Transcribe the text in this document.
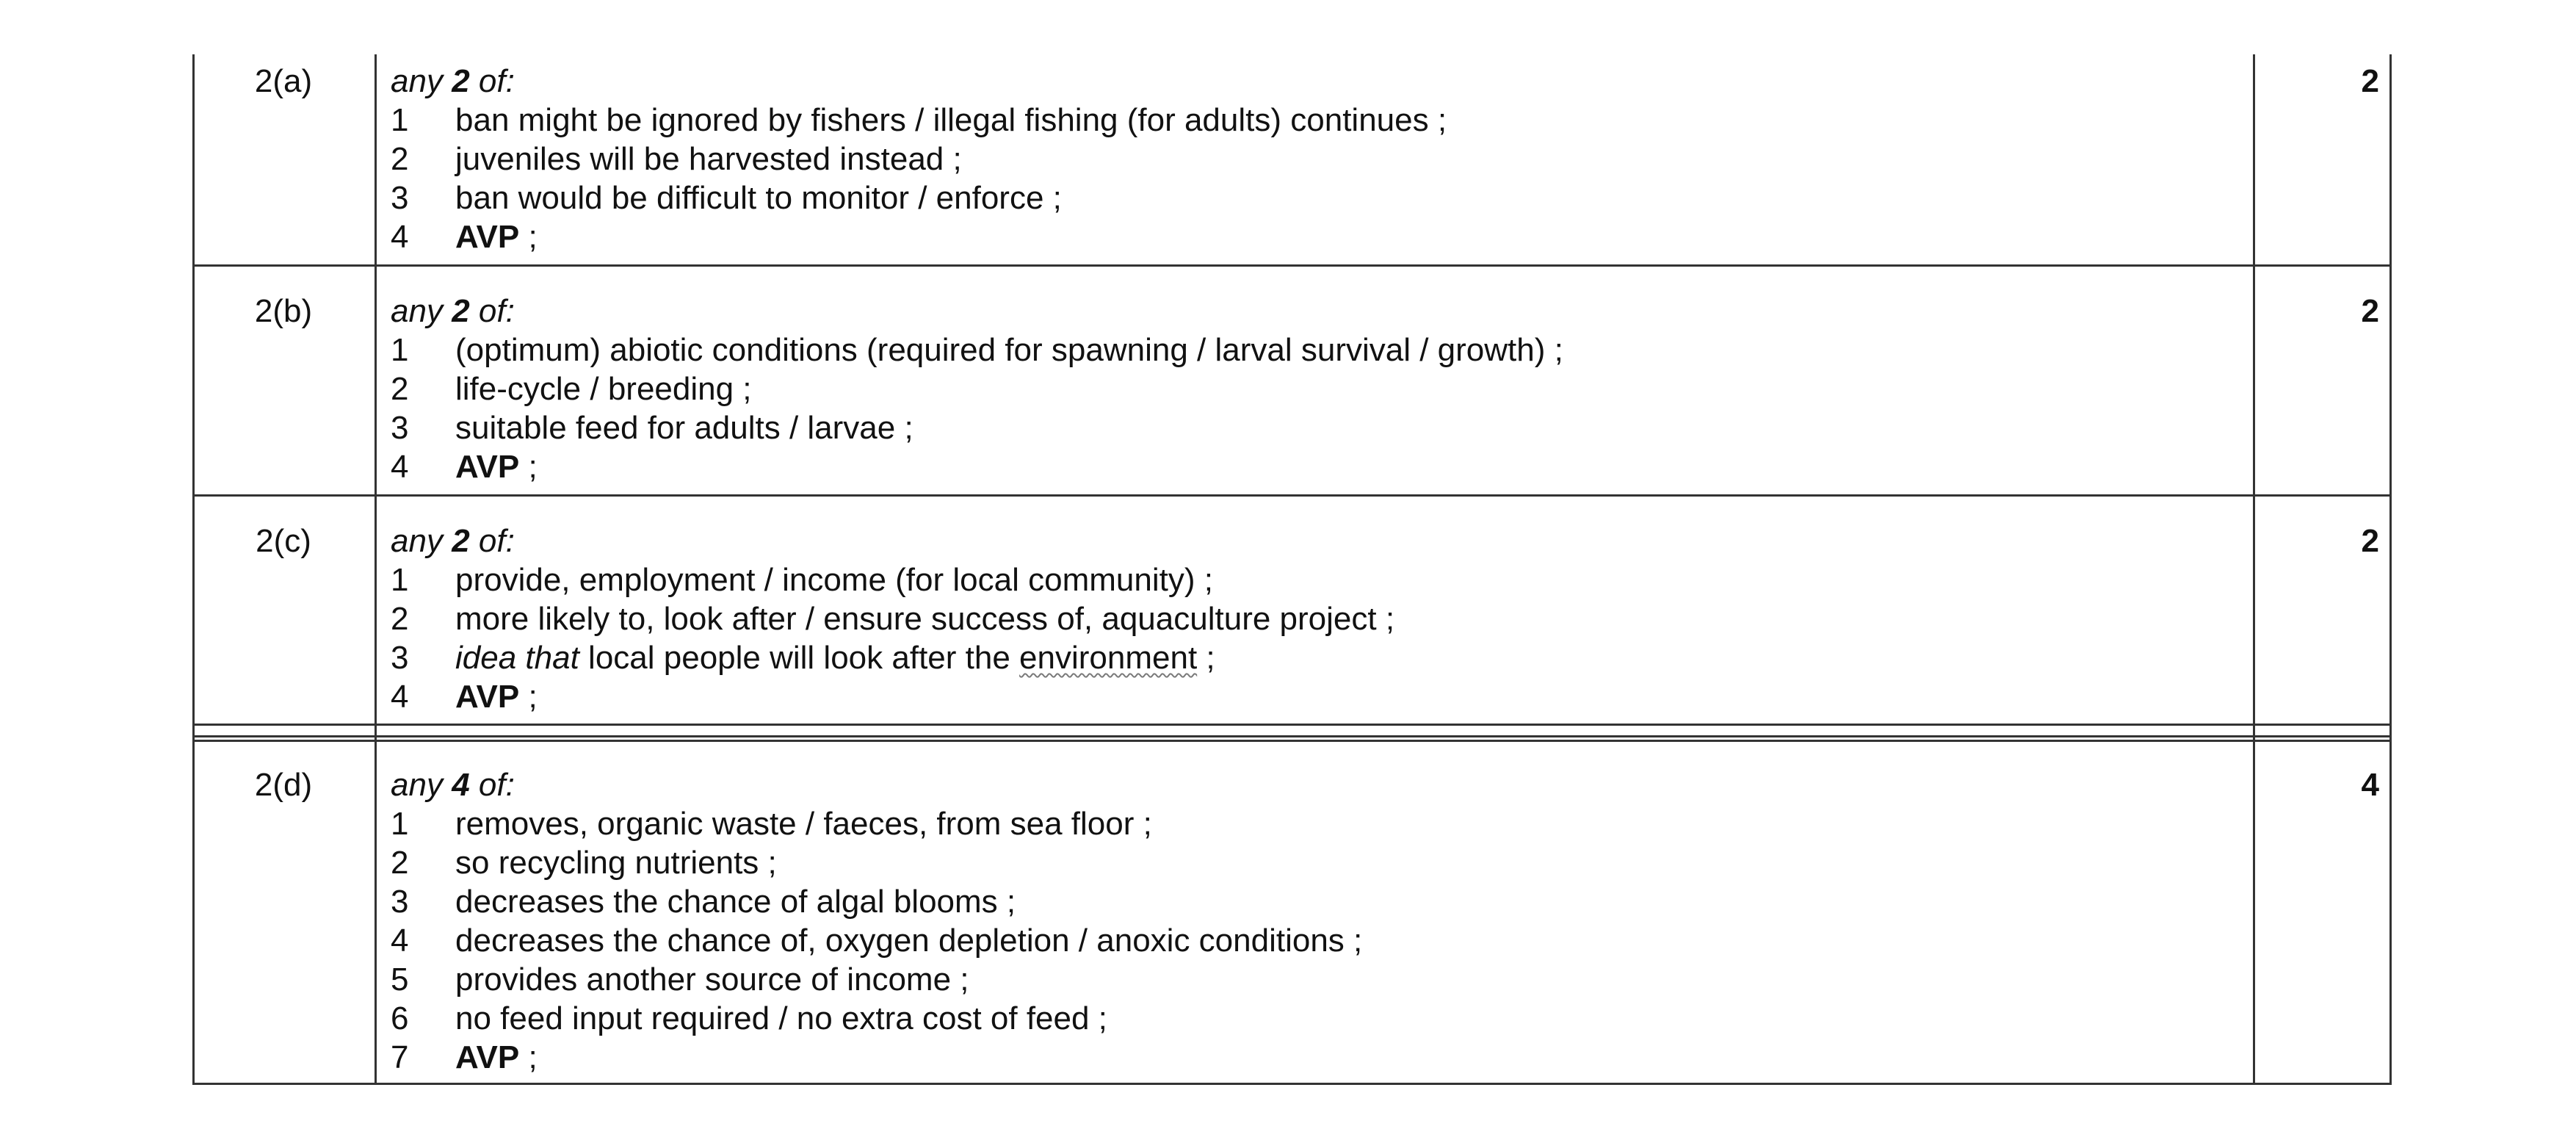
2(a)	any 2 of:
1 ban might be ignored by fishers / illegal fishing (for adults) continues ;
2 juveniles will be harvested instead ;
3 ban would be difficult to monitor / enforce ;
4 AVP ;
2
2(b)	any 2 of:
1 (optimum) abiotic conditions (required for spawning / larval survival / growth) ;
2 life-cycle / breeding ;
3 suitable feed for adults / larvae ;
4 AVP ;
2
2(c)	any 2 of:
1 provide, employment / income (for local community) ;
2 more likely to, look after / ensure success of, aquaculture project ;
3 idea that local people will look after the environment ;
4 AVP ;
2
2(d)	any 4 of:
1 removes, organic waste / faeces, from sea floor ;
2 so recycling nutrients ;
3 decreases the chance of algal blooms ;
4 decreases the chance of, oxygen depletion / anoxic conditions ;
5 provides another source of income ;
6 no feed input required / no extra cost of feed ;
7 AVP ;
4
